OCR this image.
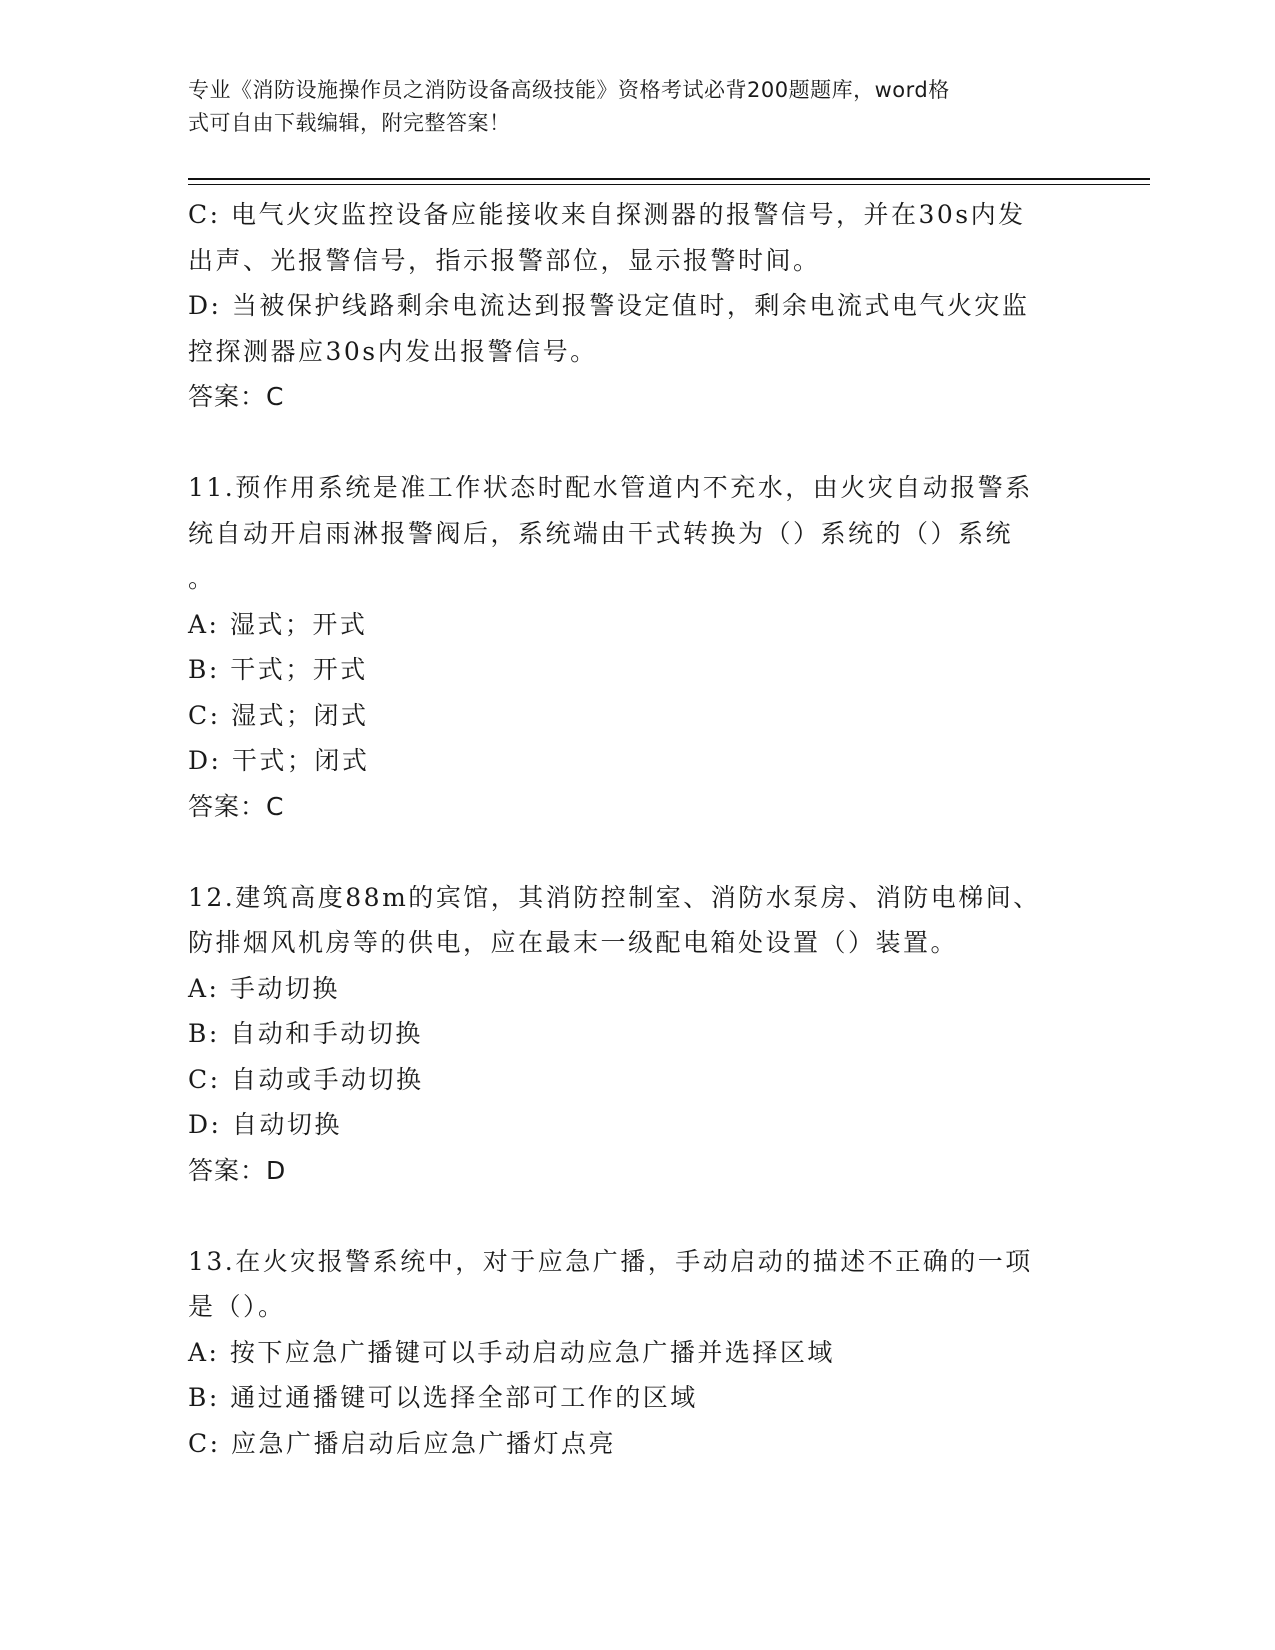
专业《消防设施操作员之消防设备高级技能》资格考试必背200题题库，word格
式可自由下载编辑，附完整答案！
C: 电气火灾监控设备应能接收来自探测器的报警信号，并在30s内发
出声、光报警信号，指示报警部位，显示报警时间。
D: 当被保护线路剩余电流达到报警设定值时，剩余电流式电气火灾监
控探测器应30s内发出报警信号。
答案：C
11.预作用系统是准工作状态时配水管道内不充水，由火灾自动报警系
统自动开启雨淋报警阀后，系统端由干式转换为（）系统的（）系统
。
A: 湿式；开式
B: 干式；开式
C: 湿式；闭式
D: 干式；闭式
答案：C
12.建筑高度88m的宾馆，其消防控制室、消防水泵房、消防电梯间、
防排烟风机房等的供电，应在最末一级配电箱处设置（）装置。
A: 手动切换
B: 自动和手动切换
C: 自动或手动切换
D: 自动切换
答案：D
13.在火灾报警系统中，对于应急广播，手动启动的描述不正确的一项
是（）。
A: 按下应急广播键可以手动启动应急广播并选择区域
B: 通过通播键可以选择全部可工作的区域
C: 应急广播启动后应急广播灯点亮
